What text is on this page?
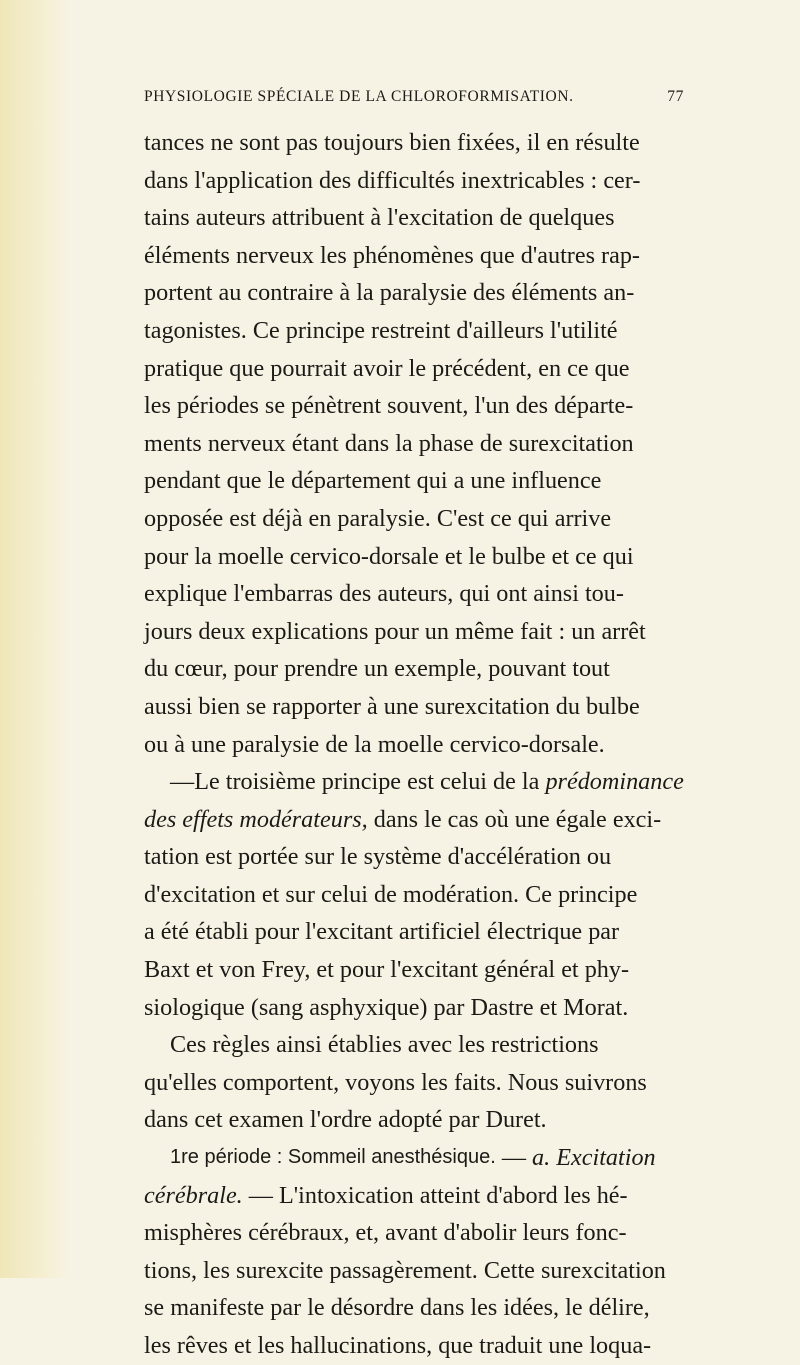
PHYSIOLOGIE SPÉCIALE DE LA CHLOROFORMISATION.	77
tances ne sont pas toujours bien fixées, il en résulte
dans l'application des difficultés inextricables : cer-
tains auteurs attribuent à l'excitation de quelques
éléments nerveux les phénomènes que d'autres rap-
portent au contraire à la paralysie des éléments an-
tagonistes. Ce principe restreint d'ailleurs l'utilité
pratique que pourrait avoir le précédent, en ce que
les périodes se pénètrent souvent, l'un des départe-
ments nerveux étant dans la phase de surexcitation
pendant que le département qui a une influence
opposée est déjà en paralysie. C'est ce qui arrive
pour la moelle cervico-dorsale et le bulbe et ce qui
explique l'embarras des auteurs, qui ont ainsi tou-
jours deux explications pour un même fait : un arrêt
du cœur, pour prendre un exemple, pouvant tout
aussi bien se rapporter à une surexcitation du bulbe
ou à une paralysie de la moelle cervico-dorsale.
—Le troisième principe est celui de la prédominance
des effets modérateurs, dans le cas où une égale exci-
tation est portée sur le système d'accélération ou
d'excitation et sur celui de modération. Ce principe
a été établi pour l'excitant artificiel électrique par
Baxt et von Frey, et pour l'excitant général et phy-
siologique (sang asphyxique) par Dastre et Morat.
Ces règles ainsi établies avec les restrictions
qu'elles comportent, voyons les faits. Nous suivrons
dans cet examen l'ordre adopté par Duret.
1 re période : Sommeil anesthésique. — a. Excitation
cérébrale. — L'intoxication atteint d'abord les hé-
misphères cérébraux, et, avant d'abolir leurs fonc-
tions, les surexcite passagèrement. Cette surexcitation
se manifeste par le désordre dans les idées, le délire,
les rêves et les hallucinations, que traduit une loqua-
